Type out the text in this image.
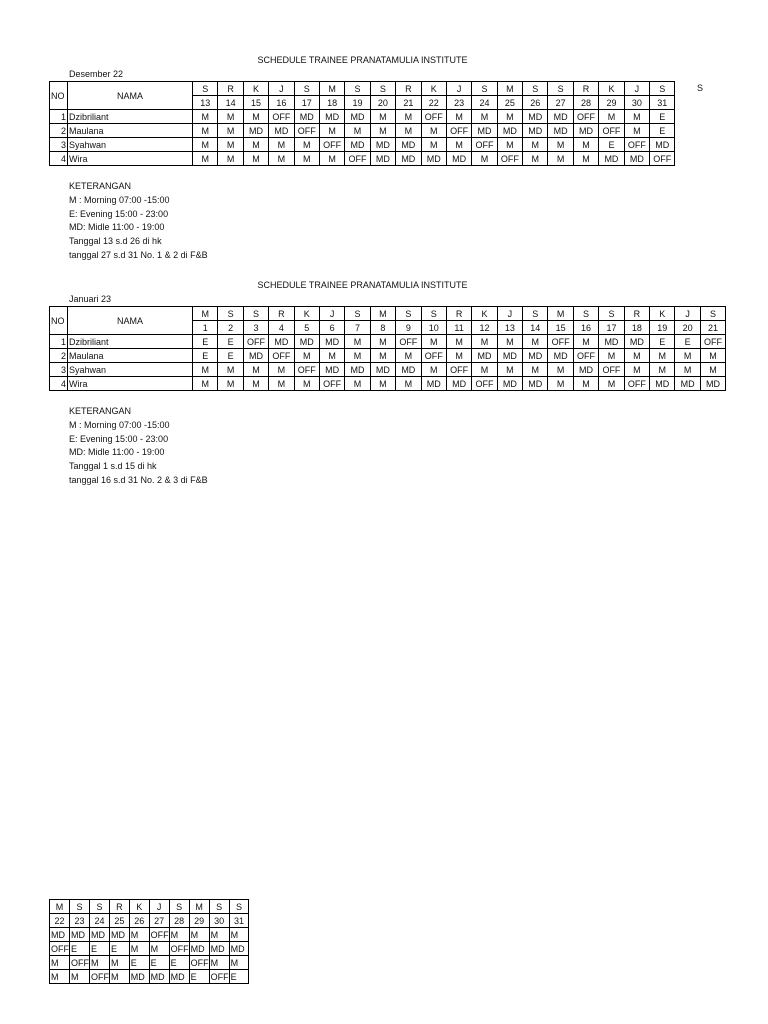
SCHEDULE TRAINEE PRANATAMULIA INSTITUTE
Desember 22
S
NO	NAMA	S	R	K	J	S	M	S	S	R	K	J	S	M	S	S	R	K	J	S
		13	14	15	16	17	18	19	20	21	22	23	24	25	26	27	28	29	30	31
1	Dzibriliant	M	M	M	OFF	MD	MD	MD	M	M	OFF	M	M	M	MD	MD	OFF	M	M	E
2	Maulana	M	M	MD	MD	OFF	M	M	M	M	M	OFF	MD	MD	MD	MD	MD	OFF	M	E
3	Syahwan	M	M	M	M	M	OFF	MD	MD	MD	M	M	OFF	M	M	M	M	E	OFF	MD
4	Wira	M	M	M	M	M	M	OFF	MD	MD	MD	MD	M	OFF	M	M	M	MD	MD	OFF
KETERANGAN
M : Morning 07:00 -15:00
E: Evening 15:00 - 23:00
MD: Midle 11:00 - 19:00
Tanggal 13 s.d 26 di hk
tanggal 27 s.d 31 No. 1 & 2 di F&B
SCHEDULE TRAINEE PRANATAMULIA INSTITUTE
Januari 23
NO	NAMA	M	S	S	R	K	J	S	M	S	S	R	K	J	S	M	S	S	R	K	J	S
		1	2	3	4	5	6	7	8	9	10	11	12	13	14	15	16	17	18	19	20	21
1	Dzibriliant	E	E	OFF	MD	MD	MD	M	M	OFF	M	M	M	M	M	OFF	M	MD	MD	E	E	OFF
2	Maulana	E	E	MD	OFF	M	M	M	M	M	OFF	M	MD	MD	MD	MD	OFF	M	M	M	M	M
3	Syahwan	M	M	M	M	OFF	MD	MD	MD	MD	M	OFF	M	M	M	M	MD	OFF	M	M	M	M
4	Wira	M	M	M	M	M	OFF	M	M	M	MD	MD	OFF	MD	MD	M	M	M	OFF	MD	MD	MD
KETERANGAN
M : Morning 07:00 -15:00
E: Evening 15:00 - 23:00
MD: Midle 11:00 - 19:00
Tanggal 1 s.d 15 di hk
tanggal 16 s.d 31 No. 2 & 3 di F&B
M	S	S	R	K	J	S	M	S	S
22	23	24	25	26	27	28	29	30	31
MD	MD	MD	MD	M	OFF	M	M	M	M
OFF	E	E	E	M	M	OFF	MD	MD	MD
M	OFF	M	M	E	E	E	OFF	M	M
M	M	OFF	M	MD	MD	MD	E	OFF	E
